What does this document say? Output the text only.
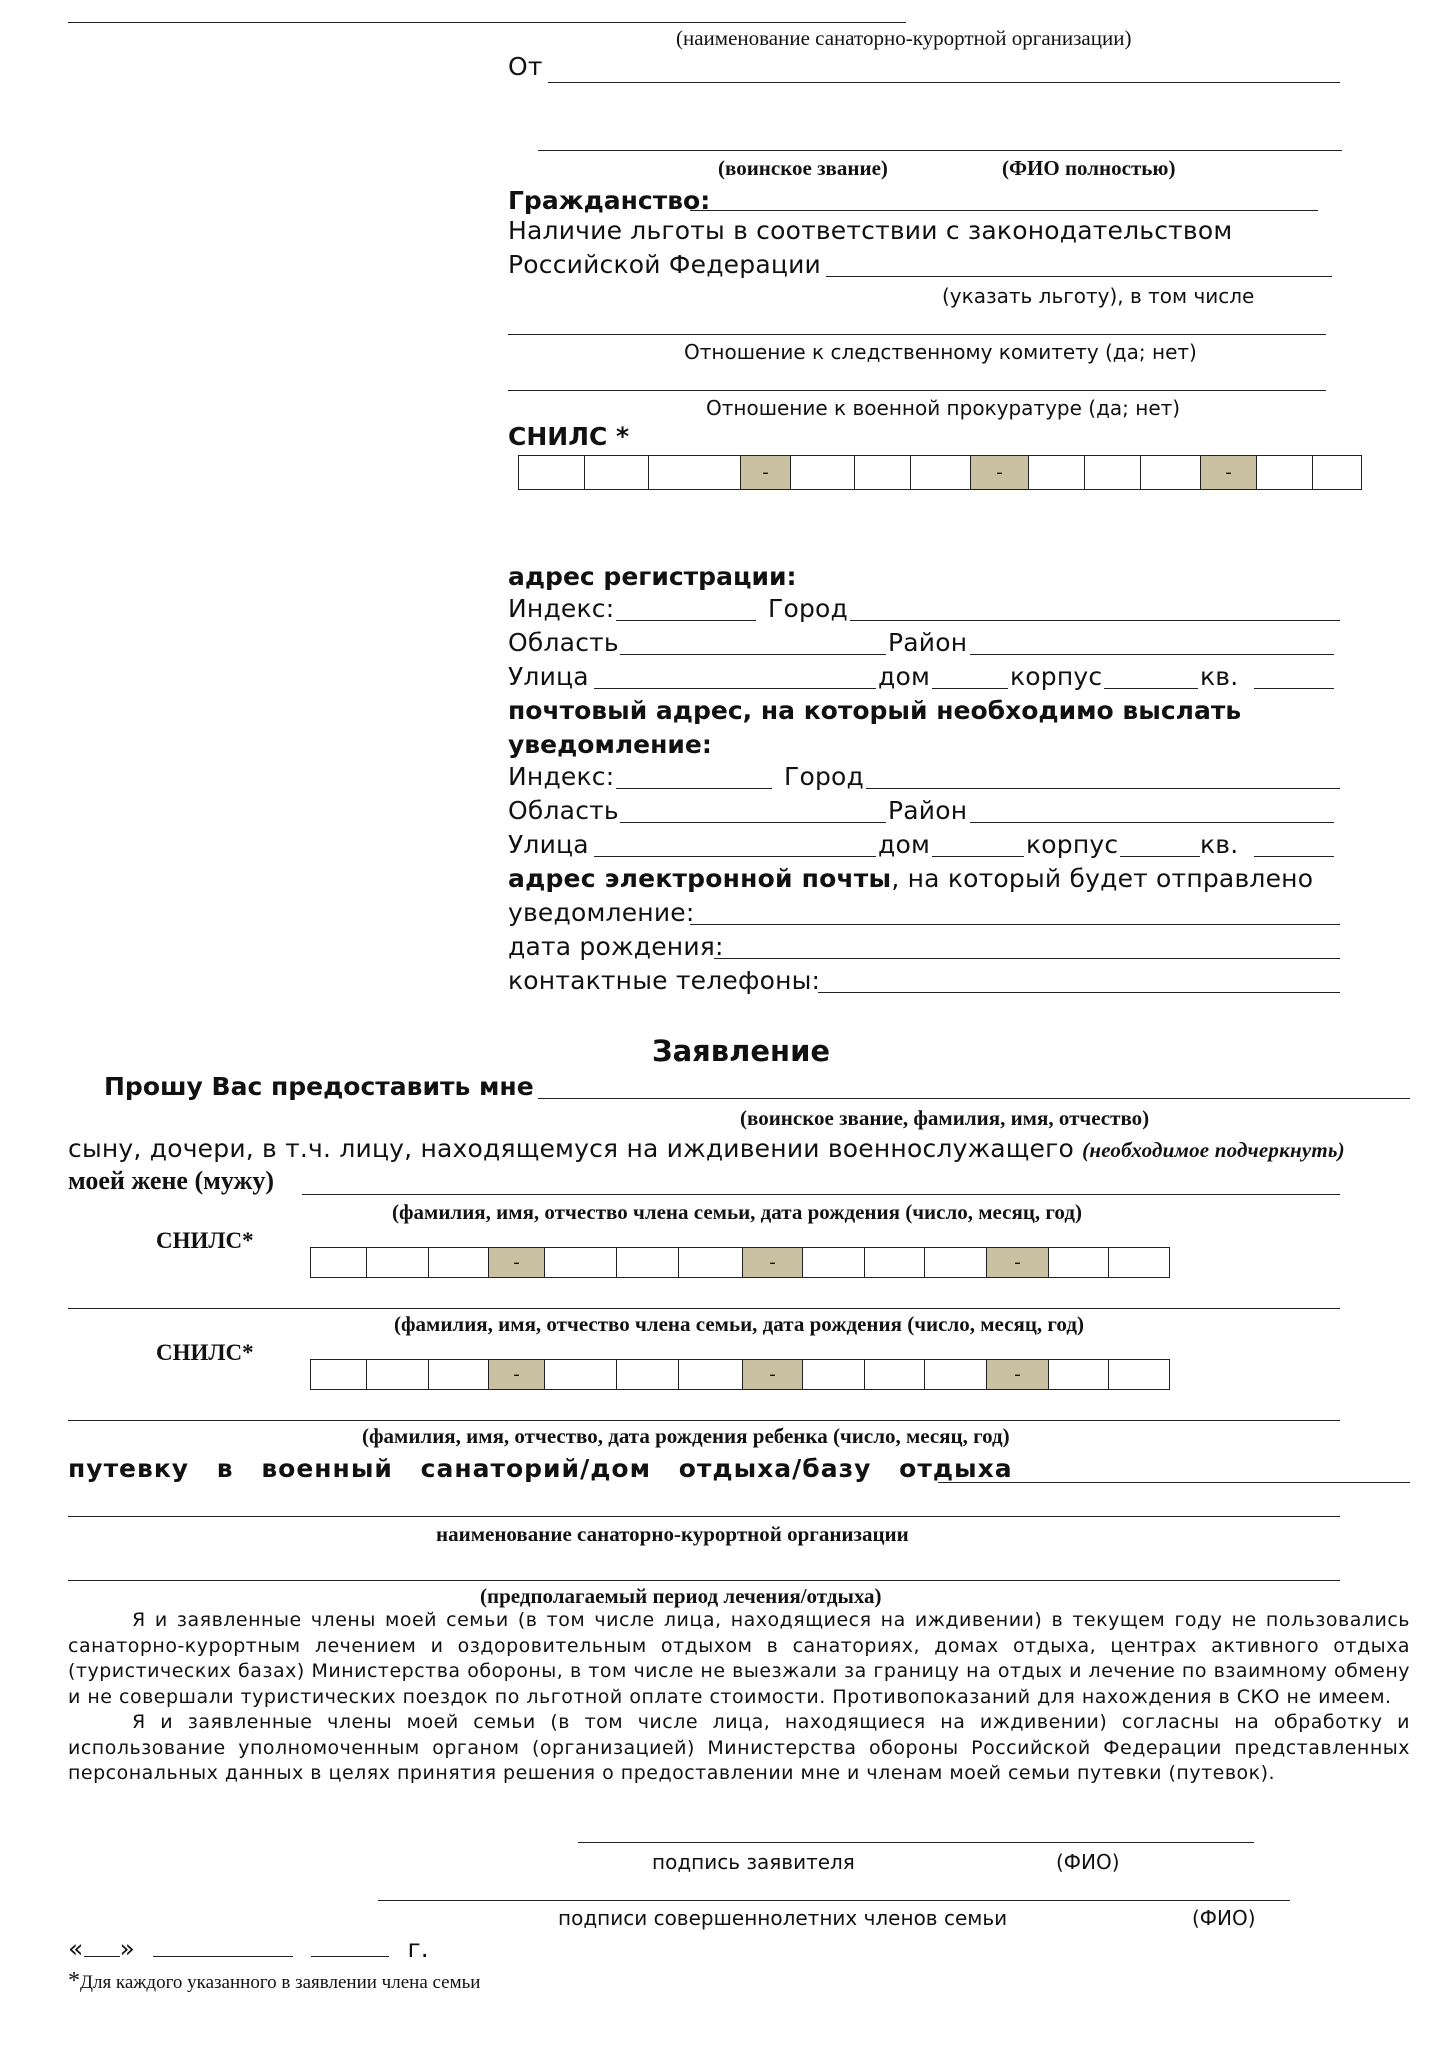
(наименование санаторно-курортной организации)
От
(воинское звание)	(ФИО полностью)
Гражданство:
Наличие льготы в соответствии с законодательством
Российской Федерации
(указать льготу), в том числе
Отношение к следственному комитету (да; нет)
Отношение к военной прокуратуре (да; нет)
СНИЛС *
-	-	-
адрес регистрации:
Индекс:	Город
Область	Район
Улица	дом	корпус	кв.
почтовый адрес, на который необходимо выслать
уведомление:
Индекс:	Город
Область	Район
Улица	дом	корпус	кв.
адрес электронной почты, на который будет отправлено
уведомление:
дата рождения:
контактные телефоны:
Заявление
Прошу Вас предоставить мне
(воинское звание, фамилия, имя, отчество)
сыну, дочери, в т.ч. лицу, находящемуся на иждивении военнослужащего (необходимое подчеркнуть)
моей жене (мужу)
(фамилия, имя, отчество члена семьи, дата рождения (число, месяц, год)
СНИЛС*
-	-	-
(фамилия, имя, отчество члена семьи, дата рождения (число, месяц, год)
СНИЛС*
-	-	-
(фамилия, имя, отчество, дата рождения ребенка (число, месяц, год)
путевку в военный санаторий/дом отдыха/базу отдыха
наименование санаторно-курортной организации
(предполагаемый период лечения/отдыха)

Я и заявленные члены моей семьи (в том числе лица, находящиеся на иждивении) в текущем году не пользовались санаторно-курортным лечением и оздоровительным отдыхом в санаториях, домах отдыха, центрах активного отдыха (туристических базах) Министерства обороны, в том числе не выезжали за границу на отдых и лечение по взаимному обмену и не совершали туристических поездок по льготной оплате стоимости. Противопоказаний для нахождения в СКО не имеем.

Я и заявленные члены моей семьи (в том числе лица, находящиеся на иждивении) согласны на обработку и использование уполномоченным органом (организацией) Министерства обороны Российской Федерации представленных персональных данных в целях принятия решения о предоставлении мне и членам моей семьи путевки (путевок).

подпись заявителя	(ФИО)
подписи совершеннолетних членов семьи	(ФИО)
« »	г.
*Для каждого указанного в заявлении члена семьи
